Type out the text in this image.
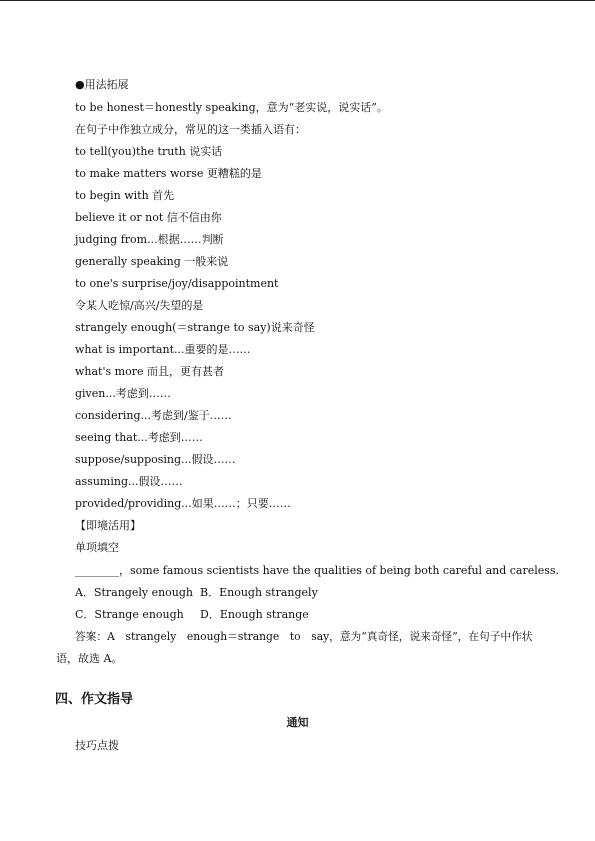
●用法拓展
to be honest＝honestly speaking，意为“老实说，说实话”。
在句子中作独立成分，常见的这一类插入语有：
to tell(you)the truth 说实话
to make matters worse 更糟糕的是
to begin with 首先
believe it or not 信不信由你
judging from...根据……判断
generally speaking 一般来说
to one's surprise/joy/disappointment
令某人吃惊/高兴/失望的是
strangely enough(＝strange to say)说来奇怪
what is important...重要的是……
what's more 而且，更有甚者
given...考虑到……
considering...考虑到/鉴于……
seeing that...考虑到……
suppose/supposing...假设……
assuming...假设……
provided/providing...如果……；只要……
【即境活用】
单项填空
________，some famous scientists have the qualities of being both careful and careless.
A．Strangely enough B．Enough strangely
C．Strange enough D．Enough strange
答案：A　strangely　enough＝strange　to　say，意为“真奇怪，说来奇怪”，在句子中作状
语，故选 A。
四、作文指导
通知
技巧点拨
